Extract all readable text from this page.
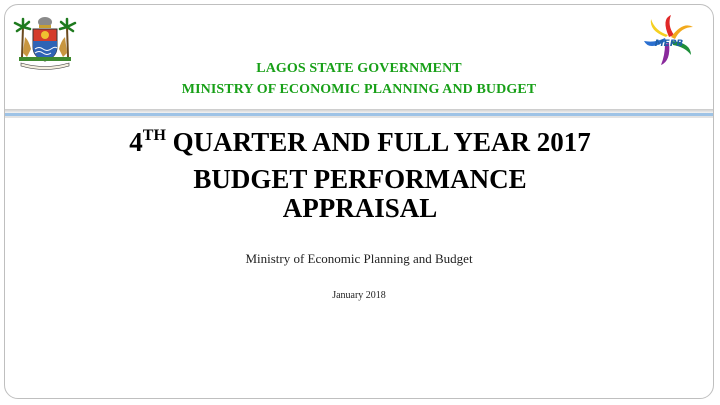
MEPB
LAGOS STATE GOVERNMENT
MINISTRY OF ECONOMIC PLANNING AND BUDGET
4TH QUARTER AND FULL YEAR 2017
BUDGET PERFORMANCE
APPRAISAL
Ministry of Economic Planning and Budget
January 2018
